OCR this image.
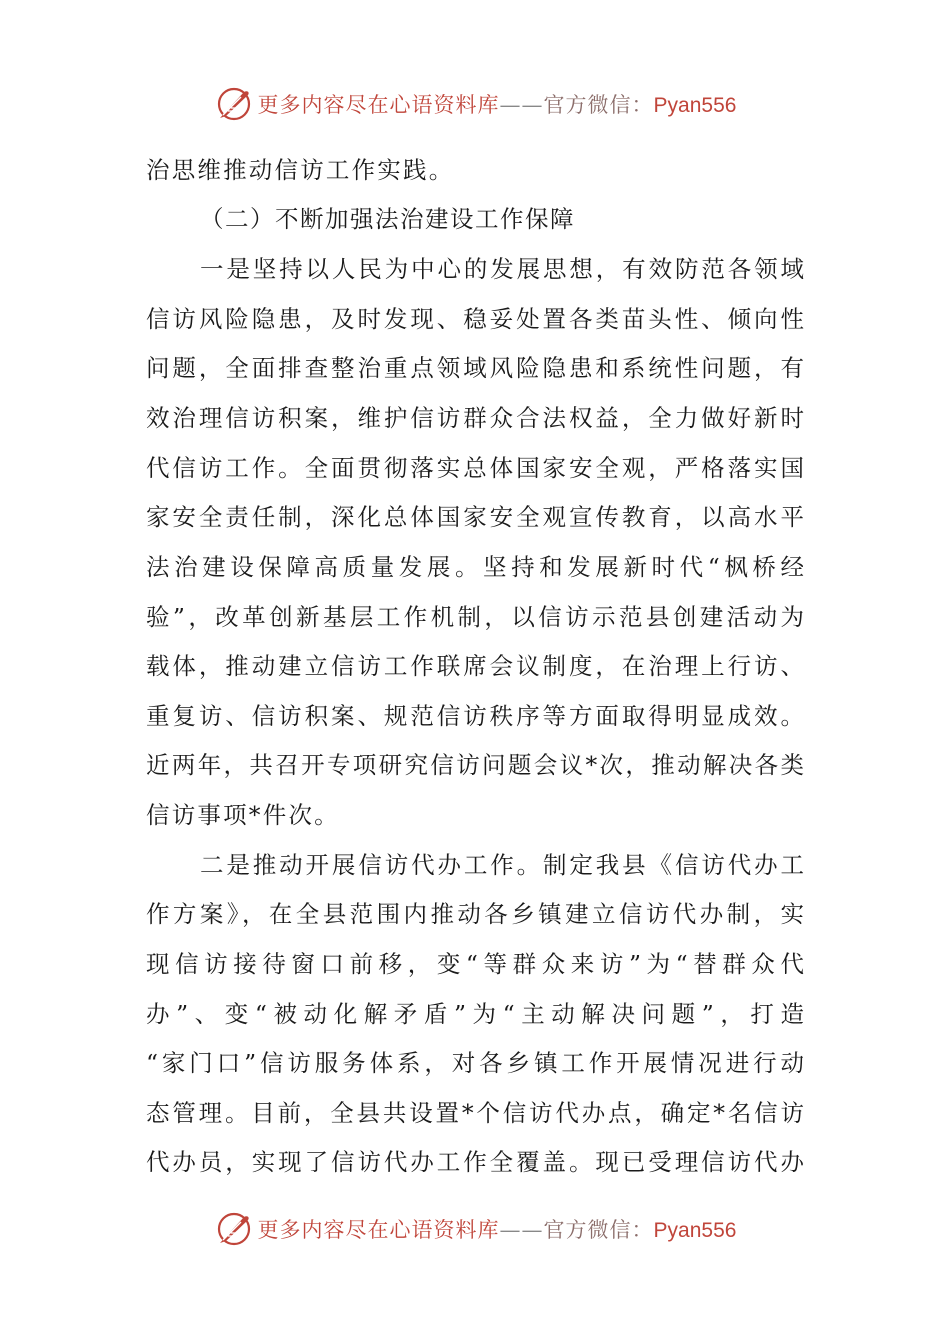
更多内容尽在心语资料库——官方微信：Pyan556
治思维推动信访工作实践。
（二）不断加强法治建设工作保障
一是坚持以人民为中心的发展思想，有效防范各领域
信访风险隐患，及时发现、稳妥处置各类苗头性、倾向性
问题，全面排查整治重点领域风险隐患和系统性问题，有
效治理信访积案，维护信访群众合法权益，全力做好新时
代信访工作。全面贯彻落实总体国家安全观，严格落实国
家安全责任制，深化总体国家安全观宣传教育，以高水平
法治建设保障高质量发展。坚持和发展新时代“枫桥经
验”，改革创新基层工作机制，以信访示范县创建活动为
载体，推动建立信访工作联席会议制度，在治理上行访、
重复访、信访积案、规范信访秩序等方面取得明显成效。
近两年，共召开专项研究信访问题会议*次，推动解决各类
信访事项*件次。
二是推动开展信访代办工作。制定我县《信访代办工
作方案》，在全县范围内推动各乡镇建立信访代办制，实
现信访接待窗口前移，变“等群众来访”为“替群众代
办”、变“被动化解矛盾”为“主动解决问题”，打造
“家门口”信访服务体系，对各乡镇工作开展情况进行动
态管理。目前，全县共设置*个信访代办点，确定*名信访
代办员，实现了信访代办工作全覆盖。现已受理信访代办
更多内容尽在心语资料库——官方微信：Pyan556
